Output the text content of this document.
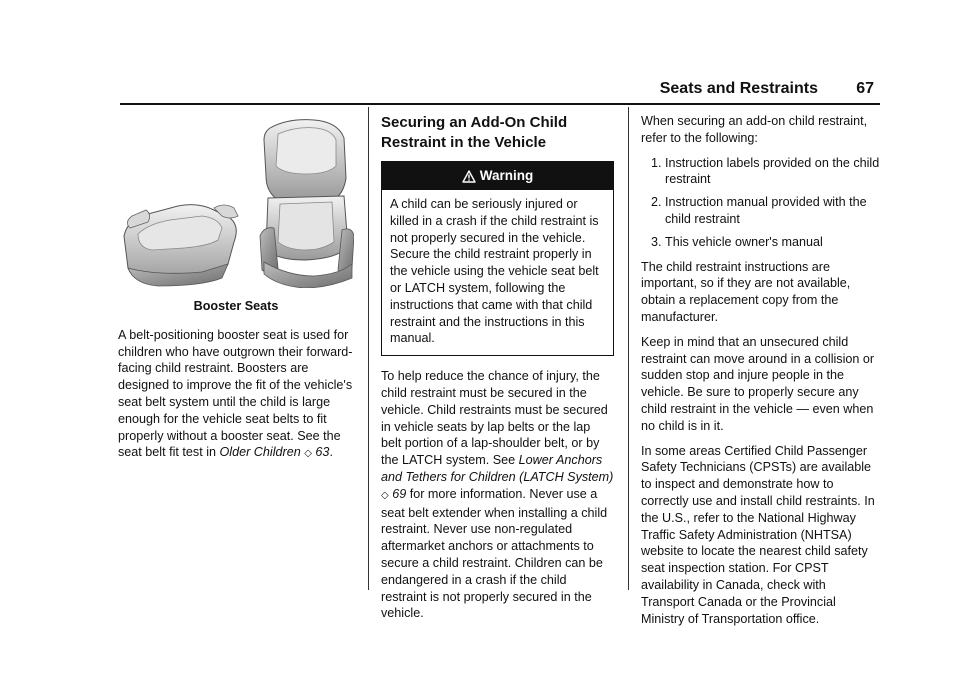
Seats and Restraints 67
Booster Seats

A belt-positioning booster seat is used for children who have outgrown their forward-facing child restraint. Boosters are designed to improve the fit of the vehicle's seat belt system until the child is large enough for the vehicle seat belts to fit properly without a booster seat. See the seat belt fit test in Older Children ◇ 63.

Securing an Add-On Child Restraint in the Vehicle
Warning
A child can be seriously injured or killed in a crash if the child restraint is not properly secured in the vehicle. Secure the child restraint properly in the vehicle using the vehicle seat belt or LATCH system, following the instructions that came with that child restraint and the instructions in this manual.

To help reduce the chance of injury, the child restraint must be secured in the vehicle. Child restraints must be secured in vehicle seats by lap belts or the lap belt portion of a lap-shoulder belt, or by the LATCH system. See Lower Anchors and Tethers for Children (LATCH System) ◇ 69 for more information. Never use a seat belt extender when installing a child restraint. Never use non-regulated aftermarket anchors or attachments to secure a child restraint. Children can be endangered in a crash if the child restraint is not properly secured in the vehicle.

When securing an add-on child restraint, refer to the following:

1. Instruction labels provided on the child restraint
2. Instruction manual provided with the child restraint
3. This vehicle owner's manual

The child restraint instructions are important, so if they are not available, obtain a replacement copy from the manufacturer.

Keep in mind that an unsecured child restraint can move around in a collision or sudden stop and injure people in the vehicle. Be sure to properly secure any child restraint in the vehicle — even when no child is in it.

In some areas Certified Child Passenger Safety Technicians (CPSTs) are available to inspect and demonstrate how to correctly use and install child restraints. In the U.S., refer to the National Highway Traffic Safety Administration (NHTSA) website to locate the nearest child safety seat inspection station. For CPST availability in Canada, check with Transport Canada or the Provincial Ministry of Transportation office.
